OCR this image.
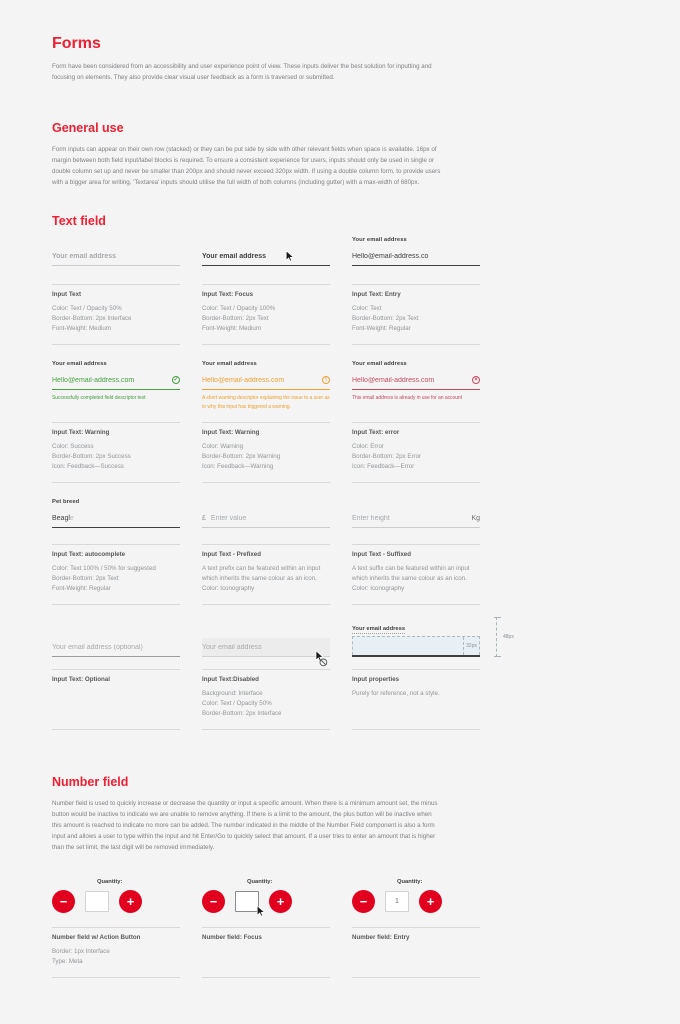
Forms

Form have been considered from an accessibility and user experience point of view. These inputs deliver the best solution for inputting and focusing on elements. They also provide clear visual user feedback as a form is traversed or submitted.

General use

Form inputs can appear on their own row (stacked) or they can be put side by side with other relevant fields when space is available. 16px of margin between both field input/label blocks is required. To ensure a consistent experience for users, inputs should only be used in single or double column set up and never be smaller than 200px and should never exceed 320px width. If using a double column form, to provide users with a bigger area for writing, 'Textarea' inputs should utilise the full width of both columns (including gutter) with a max-width of 680px.

Text field
Your email address
Input Text
Color: Text / Opacity 50%
Border-Bottom: 2px Interface
Font-Weight: Medium
Your email address
Input Text: Focus
Color: Text / Opacity 100%
Border-Bottom: 2px Text
Font-Weight: Medium
Your email address
Hello@email-address.co
Input Text: Entry
Color: Text
Border-Bottom: 2px Text
Font-Weight: Regular
Your email address
Hello@email-address.com
✓
Successfully completed field descriptor text
Input Text: Warning
Color: Success
Border-Bottom: 2px Success
Icon: Feedback—Success
Your email address
Hello@email-address.com
!
A short warning descriptor explaining the issue to a user as to why this input has triggered a warning.
Input Text: Warning
Color: Warning
Border-Bottom: 2px Warning
Icon: Feedback—Warning
Your email address
Hello@email-address.com
×
This email address is already in use for an account
Input Text: error
Color: Error
Border-Bottom: 2px Error
Icon: Feedback—Error
Pet breed
Beagl e
Input Text: autocomplete
Color: Text 100% / 50% for suggested
Border-Bottom: 2px Text
Font-Weight: Regular
£
Enter value
Input Text - Prefixed
A text prefix can be featured within an input which inherits the same colour as an icon.
Color: Iconography
Enter height
Kg
Input Text - Suffixed
A text suffix can be featured within an input which inherits the same colour as an icon.
Color: Iconography
Your email address (optional)
Input Text: Optional
Your email address	Input Text:Disabled
Background: Interface
Color: Text / Opacity 50%
Border-Bottom: 2px Interface
Your email address
32px
48px
Input properties
Purely for reference, not a style.
Number field

Number field is used to quickly increase or decrease the quantity or input a specific amount. When there is a minimum amount set, the minus button would be inactive to indicate we are unable to remove anything. If there is a limit to the amount, the plus button will be inactive when this amount is reached to indicate no more can be added. The number indicated in the middle of the Number Field component is also a form input and allows a user to type within the input and hit Enter/Go to quickly select that amount. If a user tries to enter an amount that is higher than the set limit, the last digit will be removed immediately.

Quantity:
−	+
Number field w/ Action Button
Border: 1px Interface
Type: Meta
Quantity:
−	+
Number field: Focus
Quantity:
−
1	+
Number field: Entry
